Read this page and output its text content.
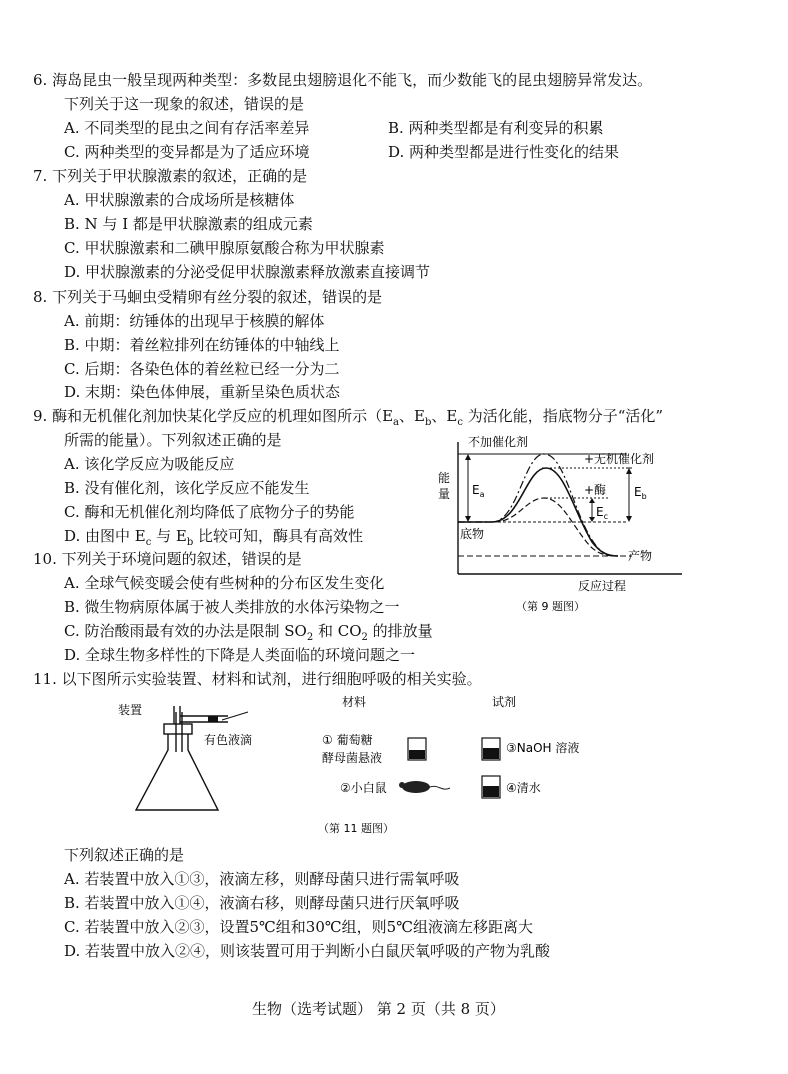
6. 海岛昆虫一般呈现两种类型：多数昆虫翅膀退化不能飞，而少数能飞的昆虫翅膀异常发达。
下列关于这一现象的叙述，错误的是
A. 不同类型的昆虫之间有存活率差异	B. 两种类型都是有利变异的积累
C. 两种类型的变异都是为了适应环境	D. 两种类型都是进行性变化的结果
7. 下列关于甲状腺激素的叙述，正确的是
A. 甲状腺激素的合成场所是核糖体
B. N 与 I 都是甲状腺激素的组成元素
C. 甲状腺激素和二碘甲腺原氨酸合称为甲状腺素
D. 甲状腺激素的分泌受促甲状腺激素释放激素直接调节
8. 下列关于马蛔虫受精卵有丝分裂的叙述，错误的是
A. 前期：纺锤体的出现早于核膜的解体
B. 中期：着丝粒排列在纺锤体的中轴线上
C. 后期：各染色体的着丝粒已经一分为二
D. 末期：染色体伸展，重新呈染色质状态
9. 酶和无机催化剂加快某化学反应的机理如图所示（$E_a$、$E_b$、$E_c$ 为活化能，指底物分子“活化”
所需的能量）。下列叙述正确的是
A. 该化学反应为吸能反应
B. 没有催化剂，该化学反应不能发生
C. 酶和无机催化剂均降低了底物分子的势能
D. 由图中 $E_c$ 与 $E_b$ 比较可知，酶具有高效性
不加催化剂
+无机催化剂
+酶
能
量 $E_a$	$E_b$
$E_c$
底物
产物
反应过程
（第 9 题图）
10. 下列关于环境问题的叙述，错误的是
A. 全球气候变暖会使有些树种的分布区发生变化
B. 微生物病原体属于被人类排放的水体污染物之一
C. 防治酸雨最有效的办法是限制 $SO_2$ 和 $CO_2$ 的排放量
D. 全球生物多样性的下降是人类面临的环境问题之一
11. 以下图所示实验装置、材料和试剂，进行细胞呼吸的相关实验。
装置
有色液滴
材料
① 葡萄糖
酵母菌悬液
②小白鼠
试剂
③NaOH 溶液
④清水
（第 11 题图）
下列叙述正确的是
A. 若装置中放入①③，液滴左移，则酵母菌只进行需氧呼吸
B. 若装置中放入①④，液滴右移，则酵母菌只进行厌氧呼吸
C. 若装置中放入②③，设置5℃组和30℃组，则5℃组液滴左移距离大
D. 若装置中放入②④，则该装置可用于判断小白鼠厌氧呼吸的产物为乳酸
生物（选考试题） 第 2 页（共 8 页）
